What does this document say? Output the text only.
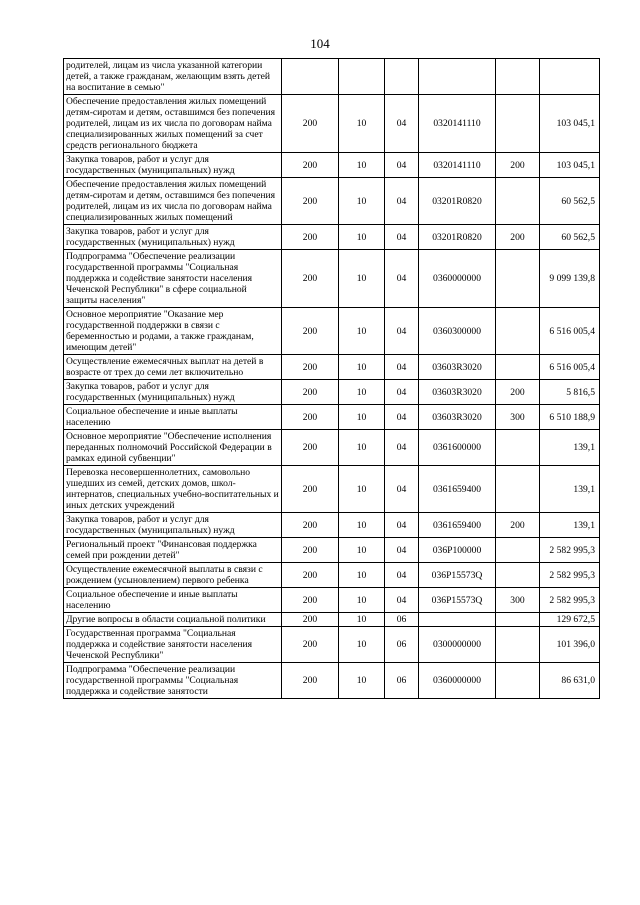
104
родителей, лицам из числа указанной категории детей, а также гражданам, желающим взять детей на воспитание в семью"						
Обеспечение предоставления жилых помещений детям-сиротам и детям, оставшимся без попечения родителей, лицам из их числа по договорам найма специализированных жилых помещений за счет средств регионального бюджета	200	10	04	0320141110		103 045,1
Закупка товаров, работ и услуг для государственных (муниципальных) нужд	200	10	04	0320141110	200	103 045,1
Обеспечение предоставления жилых помещений детям-сиротам и детям, оставшимся без попечения родителей, лицам из их числа по договорам найма специализированных жилых помещений	200	10	04	03201R0820		60 562,5
Закупка товаров, работ и услуг для государственных (муниципальных) нужд	200	10	04	03201R0820	200	60 562,5
Подпрограмма "Обеспечение реализации государственной программы "Социальная поддержка и содействие занятости населения Чеченской Республики" в сфере социальной защиты населения"	200	10	04	0360000000		9 099 139,8
Основное мероприятие "Оказание мер государственной поддержки в связи с беременностью и родами, а также гражданам, имеющим детей"	200	10	04	0360300000		6 516 005,4
Осуществление ежемесячных выплат на детей в возрасте от трех до семи лет включительно	200	10	04	03603R3020		6 516 005,4
Закупка товаров, работ и услуг для государственных (муниципальных) нужд	200	10	04	03603R3020	200	5 816,5
Социальное обеспечение и иные выплаты населению	200	10	04	03603R3020	300	6 510 188,9
Основное мероприятие "Обеспечение исполнения переданных полномочий Российской Федерации в рамках единой субвенции"	200	10	04	0361600000		139,1
Перевозка несовершеннолетних, самовольно ушедших из семей, детских домов, школ-интернатов, специальных учебно-воспитательных и иных детских учреждений	200	10	04	0361659400		139,1
Закупка товаров, работ и услуг для государственных (муниципальных) нужд	200	10	04	0361659400	200	139,1
Региональный проект "Финансовая поддержка семей при рождении детей"	200	10	04	036P100000		2 582 995,3
Осуществление ежемесячной выплаты в связи с рождением (усыновлением) первого ребенка	200	10	04	036P15573Q		2 582 995,3
Социальное обеспечение и иные выплаты населению	200	10	04	036P15573Q	300	2 582 995,3
Другие вопросы в области социальной политики	200	10	06			129 672,5
Государственная программа "Социальная поддержка и содействие занятости населения Чеченской Республики"	200	10	06	0300000000		101 396,0
Подпрограмма "Обеспечение реализации государственной программы "Социальная поддержка и содействие занятости	200	10	06	0360000000		86 631,0
